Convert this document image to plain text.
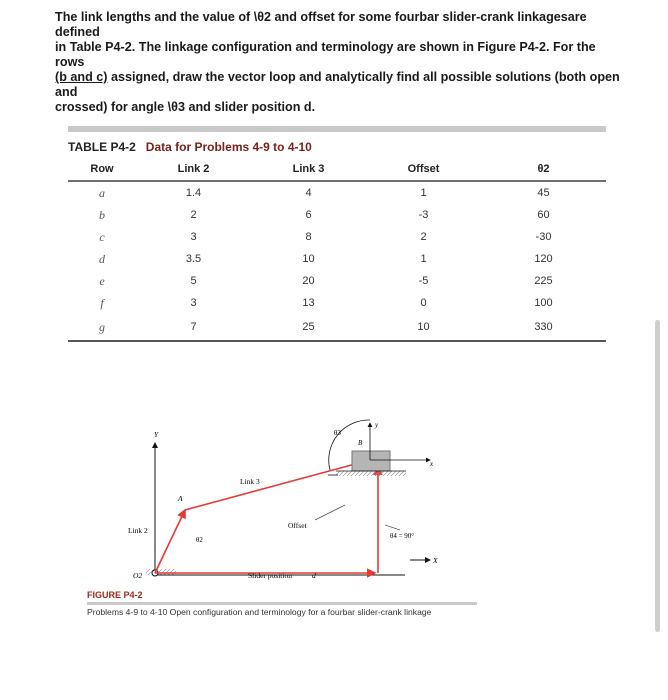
The link lengths and the value of \θ2 and offset for some fourbar slider-crank linkagesare defined
in Table P4-2. The linkage configuration and terminology are shown in Figure P4-2. For the rows
(b and c) assigned, draw the vector loop and analytically find all possible solutions (both open and
crossed) for angle \θ3 and slider position d.
TABLE P4-2 Data for Problems 4-9 to 4-10
Row	Link 2	Link 3	Offset	θ2
a	1.4	4	1	45
b	2	6	-3	60
c	3	8	2	-30
d	3.5	10	1	120
e	5	20	-5	225
f	3	13	0	100
g	7	25	10	330
Link 2
Link 3
Offset
Slider position	d
θ2
θ3
θ4 = 90°
A
B
O2
y
x
X
Y
FIGURE P4-2
Problems 4-9 to 4-10 Open configuration and terminology for a fourbar slider-crank linkage
